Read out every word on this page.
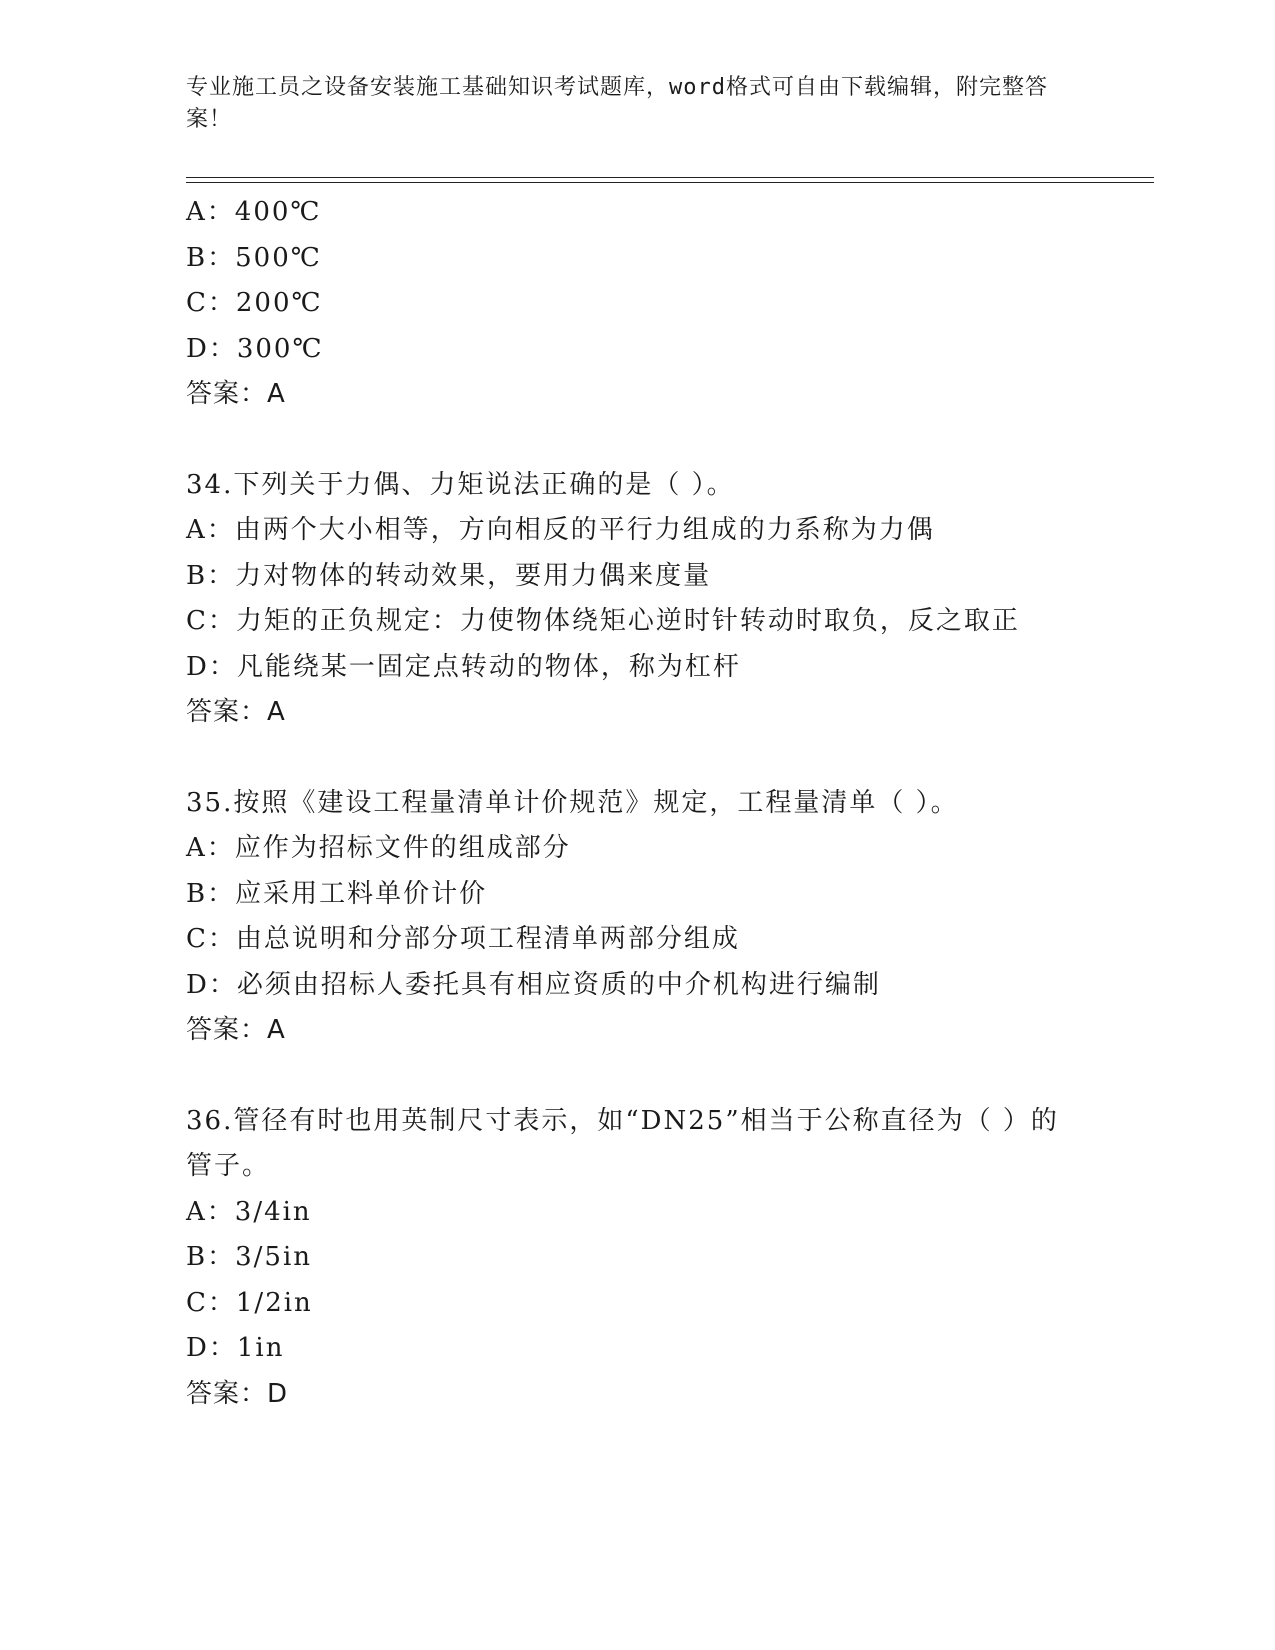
专业施工员之设备安装施工基础知识考试题库，word格式可自由下载编辑，附完整答案！
A：400℃
B：500℃
C：200℃
D：300℃
答案：A
34.下列关于力偶、力矩说法正确的是（ ）。
A：由两个大小相等，方向相反的平行力组成的力系称为力偶
B：力对物体的转动效果，要用力偶来度量
C：力矩的正负规定：力使物体绕矩心逆时针转动时取负，反之取正
D：凡能绕某一固定点转动的物体，称为杠杆
答案：A
35.按照《建设工程量清单计价规范》规定，工程量清单（ ）。
A：应作为招标文件的组成部分
B：应采用工料单价计价
C：由总说明和分部分项工程清单两部分组成
D：必须由招标人委托具有相应资质的中介机构进行编制
答案：A
36.管径有时也用英制尺寸表示，如“DN25”相当于公称直径为（ ）的管子。
A：3/4in
B：3/5in
C：1/2in
D：1in
答案：D
